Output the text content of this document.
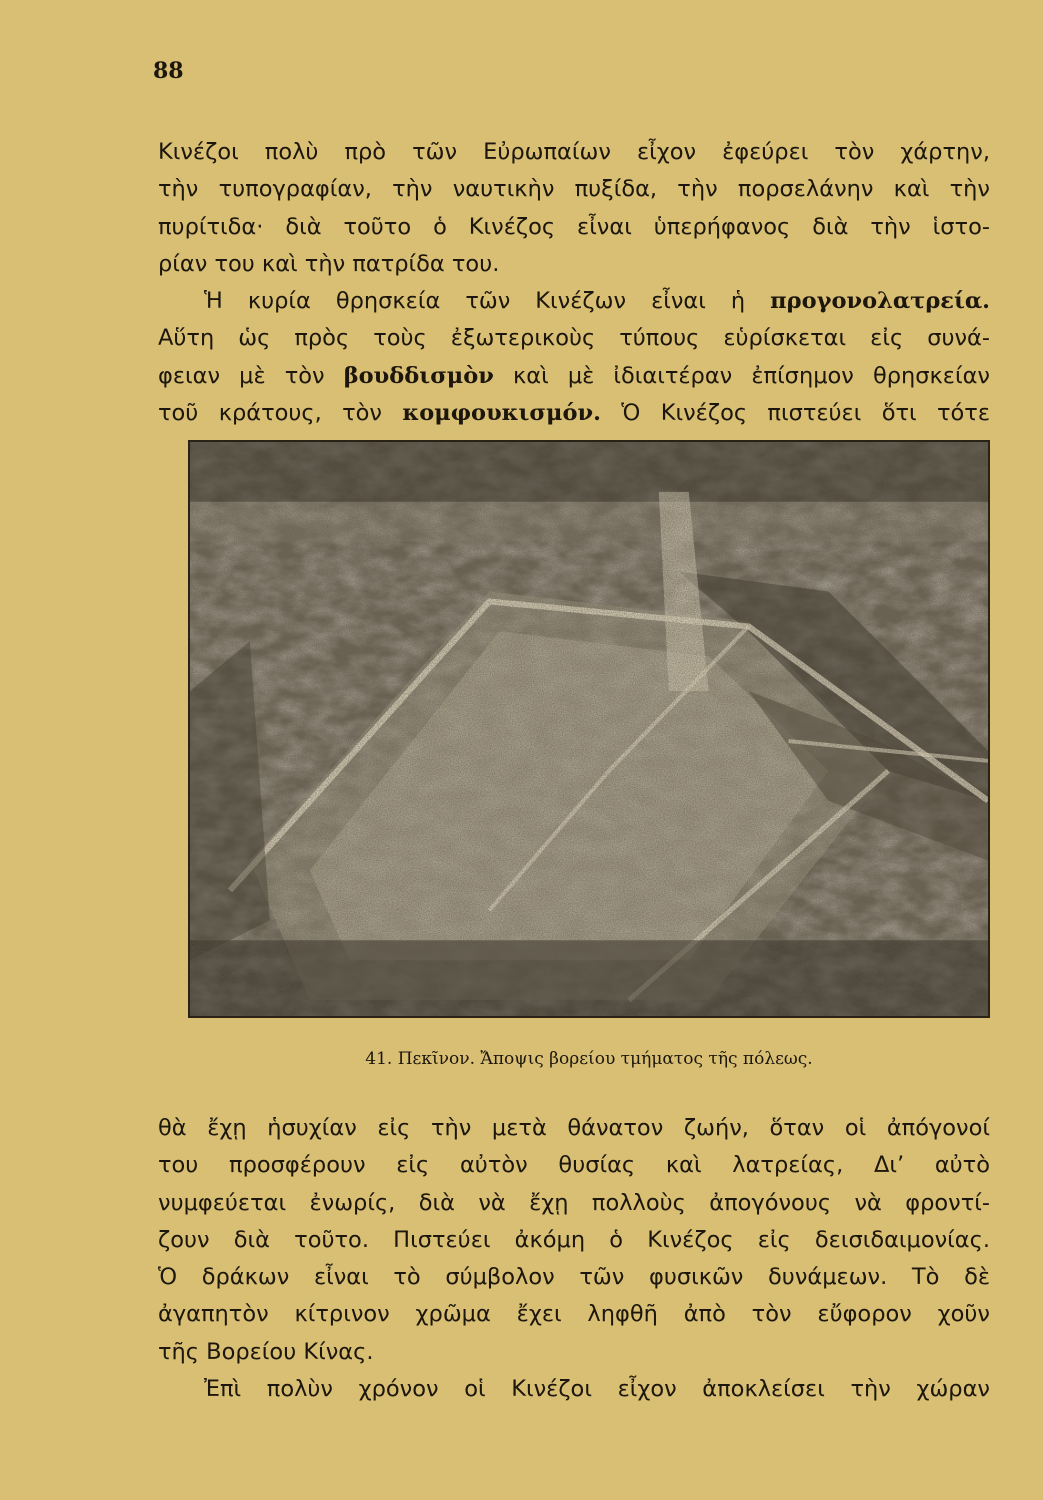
88

Κινέζοι πολὺ πρὸ τῶν Εὐρωπαίων εἶχον ἐφεύρει τὸν χάρτην,
τὴν τυπογραφίαν, τὴν ναυτικὴν πυξίδα, τὴν πορσελάνην καὶ τὴν
πυρίτιδα· διὰ τοῦτο ὁ Κινέζος εἶναι ὑπερήφανος διὰ τὴν ἱστο-
ρίαν του καὶ τὴν πατρίδα του.

Ἡ κυρία θρησκεία τῶν Κινέζων εἶναι ἡ προγονολατρεία.
Αὕτη ὡς πρὸς τοὺς ἐξωτερικοὺς τύπους εὑρίσκεται εἰς συνά-
φειαν μὲ τὸν βουδδισμὸν καὶ μὲ ἰδιαιτέραν ἐπίσημον θρησκείαν
τοῦ κράτους, τὸν κομφουκισμόν. Ὁ Κινέζος πιστεύει ὅτι τότε

41. Πεκῖνον. Ἄποψις βορείου τμήματος τῆς πόλεως.

θὰ ἔχῃ ἡσυχίαν εἰς τὴν μετὰ θάνατον ζωήν, ὅταν οἱ ἀπόγονοί
του προσφέρουν εἰς αὐτὸν θυσίας καὶ λατρείας, Δι’ αὐτὸ
νυμφεύεται ἐνωρίς, διὰ νὰ ἔχῃ πολλοὺς ἀπογόνους νὰ φροντί-
ζουν διὰ τοῦτο. Πιστεύει ἀκόμη ὁ Κινέζος εἰς δεισιδαιμονίας.
Ὁ δράκων εἶναι τὸ σύμβολον τῶν φυσικῶν δυνάμεων. Τὸ δὲ
ἀγαπητὸν κίτρινον χρῶμα ἔχει ληφθῆ ἀπὸ τὸν εὔφορον χοῦν
τῆς Βορείου Κίνας.

Ἐπὶ πολὺν χρόνον οἱ Κινέζοι εἶχον ἀποκλείσει τὴν χώραν
